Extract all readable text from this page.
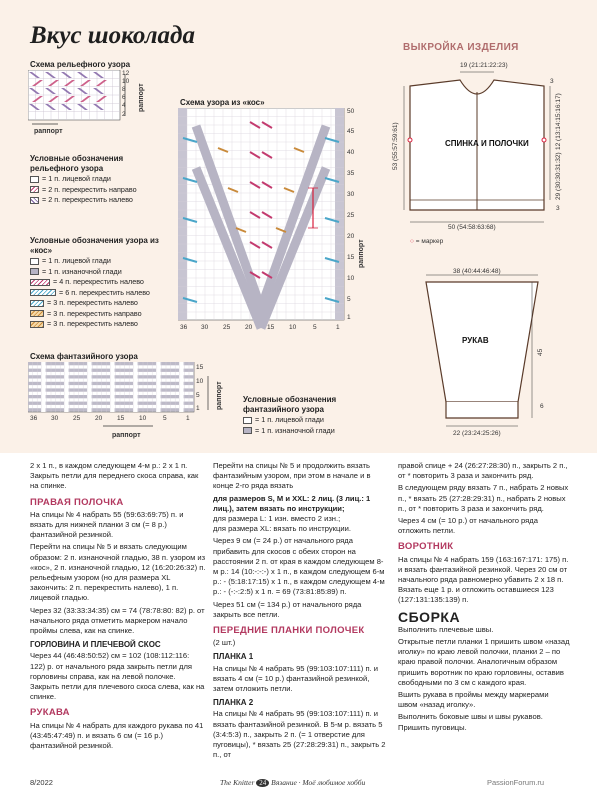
Вкус шоколада
Схема рельефного узора
12
10
8
6
4
2
раппорт
раппорт
Условные обозначения рельефного узора
= 1 п. лицевой глади
= 2 п. перекрестить направо
= 2 п. перекрестить налево
Схема узора из «кос»
50
45
40
35
30
25
20
15
10
5
1
раппорт
36 30 25 20 15 10	5	1
Условные обозначения узора из «кос»
= 1 п. лицевой глади
= 1 п. изнаночной глади
= 4 п. перекрестить налево
= 6 п. перекрестить налево
= 3 п. перекрестить налево
= 3 п. перекрестить направо
= 3 п. перекрестить налево
Схема фантазийного узора
15
10
5
1 раппорт
36 30 25 20 15 10	5	1
раппорт
Условные обозначения фантазийного узора
= 1 п. лицевой глади
= 1 п. изнаночной глади
ВЫКРОЙКА ИЗДЕЛИЯ
19 (21:21:22:23)
3
53 (55:57:59:61)	12 (13:14:15:16:17)
29 (30:30:31:32)
3
СПИНКА И ПОЛОЧКИ
50 (54:58:63:68)
○ = маркер
38 (40:44:46:48)
РУКАВ
45
6
22 (23:24:25:26)

2 х 1 п., в каждом следующем 4-м р.: 2 х 1 п. Закрыть петли для переднего скоса справа, как на спинке.

ПРАВАЯ ПОЛОЧКА

На спицы № 4 набрать 55 (59:63:69:75) п. и вязать для нижней планки 3 см (= 8 р.) фантазийной резинкой.

Перейти на спицы № 5 и вязать следующим образом: 2 п. изнаночной гладью, 38 п. узором из «кос», 2 п. изнаночной гладью, 12 (16:20:26:32) п. рельефным узором (но для размера XL закончить: 2 п. перекрестить налево), 1 п. лицевой гладью.

Через 32 (33:33:34:35) см = 74 (78:78:80: 82) р. от начального ряда отметить маркером начало проймы слева, как на спинке.

ГОРЛОВИНА И ПЛЕЧЕВОЙ СКОС

Через 44 (46:48:50:52) см = 102 (108:112:116: 122) р. от начального ряда закрыть петли для горловины справа, как на левой полочке. Закрыть петли для плечевого скоса слева, как на спинке.

РУКАВА

На спицы № 4 набрать для каждого рукава по 41 (43:45:47:49) п. и вязать 6 см (= 16 р.) фантазийной резинкой.

Перейти на спицы № 5 и продолжить вязать фантазийным узором, при этом в начале и в конце 2-го ряда вязать

для размеров S, M и XXL: 2 лиц. (3 лиц.: 1 лиц.), затем вязать по инструкции;

для размера L: 1 изн. вместо 2 изн.;

для размера XL: вязать по инструкции.

Через 9 см (= 24 р.) от начального ряда прибавить для скосов с обеих сторон на расстоянии 2 п. от края в каждом следующем 8-м р.: 14 (10:-:-:-) х 1 п., в каждом следующем 6-м р.: - (5:18:17:15) х 1 п., в каждом следующем 4-м р.: - (-:-:2:5) х 1 п. = 69 (73:81:85:89) п.

Через 51 см (= 134 р.) от начального ряда закрыть все петли.

ПЕРЕДНИЕ ПЛАНКИ ПОЛОЧЕК

(2 шт.)

ПЛАНКА 1

На спицы № 4 набрать 95 (99:103:107:111) п. и вязать 4 см (= 10 р.) фантазийной резинкой, затем отложить петли.

ПЛАНКА 2

На спицы № 4 набрать 95 (99:103:107:111) п. и вязать фантазийной резинкой. В 5-м р. вязать 5 (3:4:5:3) п., закрыть 2 п. (= 1 отверстие для пуговицы), * вязать 25 (27:28:29:31) п., закрыть 2 п., от

правой спице + 24 (26:27:28:30) п., закрыть 2 п., от * повторить 3 раза и закончить ряд.

В следующем ряду вязать 7 п., набрать 2 новых п., * вязать 25 (27:28:29:31) п., набрать 2 новых п., от * повторить 3 раза и закончить ряд.

Через 4 см (= 10 р.) от начального ряда отложить петли.

ВОРОТНИК

На спицы № 4 набрать 159 (163:167:171: 175) п. и вязать фантазийной резинкой. Через 20 см от начального ряда равномерно убавить 2 х 18 п. Вязать еще 1 р. и отложить оставшиеся 123 (127:131:135:139) п.

СБОРКА

Выполнить плечевые швы.

Открытые петли планки 1 пришить швом «назад иголку» по краю левой полочки, планки 2 – по краю правой полочки. Аналогичным образом пришить воротник по краю горловины, оставив свободными по 3 см с каждого края.

Вшить рукава в проймы между маркерами швом «назад иголку».

Выполнить боковые швы и швы рукавов. Пришить пуговицы.

8/2022	The Knitter 24 Вязание · Моё любимое хобби	PassionForum.ru
